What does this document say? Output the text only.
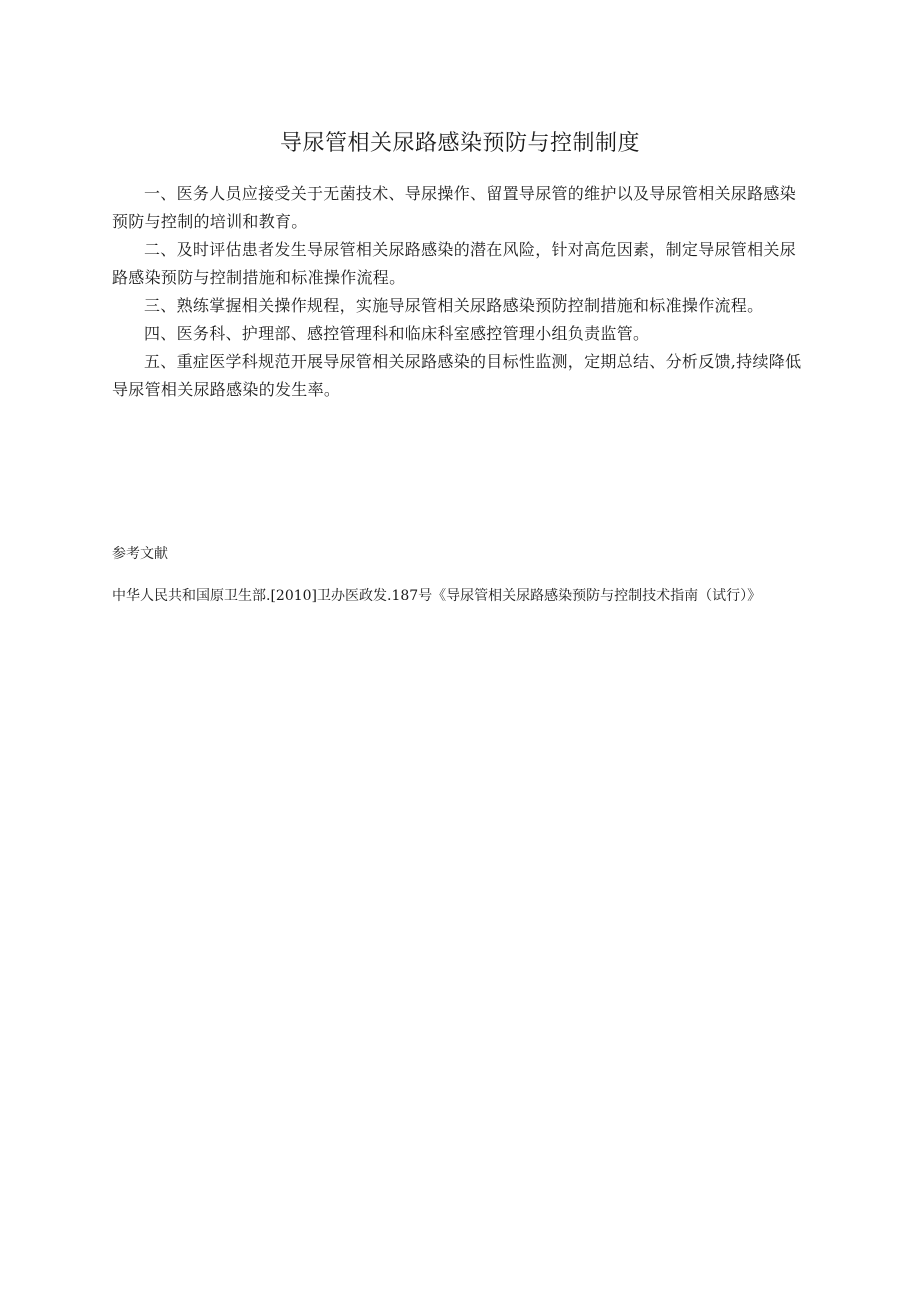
导尿管相关尿路感染预防与控制制度

一、医务人员应接受关于无菌技术、导尿操作、留置导尿管的维护以及导尿管相关尿路感染预防与控制的培训和教育。

二、及时评估患者发生导尿管相关尿路感染的潜在风险，针对高危因素，制定导尿管相关尿路感染预防与控制措施和标准操作流程。

三、熟练掌握相关操作规程，实施导尿管相关尿路感染预防控制措施和标准操作流程。

四、医务科、护理部、感控管理科和临床科室感控管理小组负责监管。

五、重症医学科规范开展导尿管相关尿路感染的目标性监测，定期总结、分析反馈,持续降低导尿管相关尿路感染的发生率。

参考文献

中华人民共和国原卫生部.[2010]卫办医政发.187号《导尿管相关尿路感染预防与控制技术指南（试行）》
